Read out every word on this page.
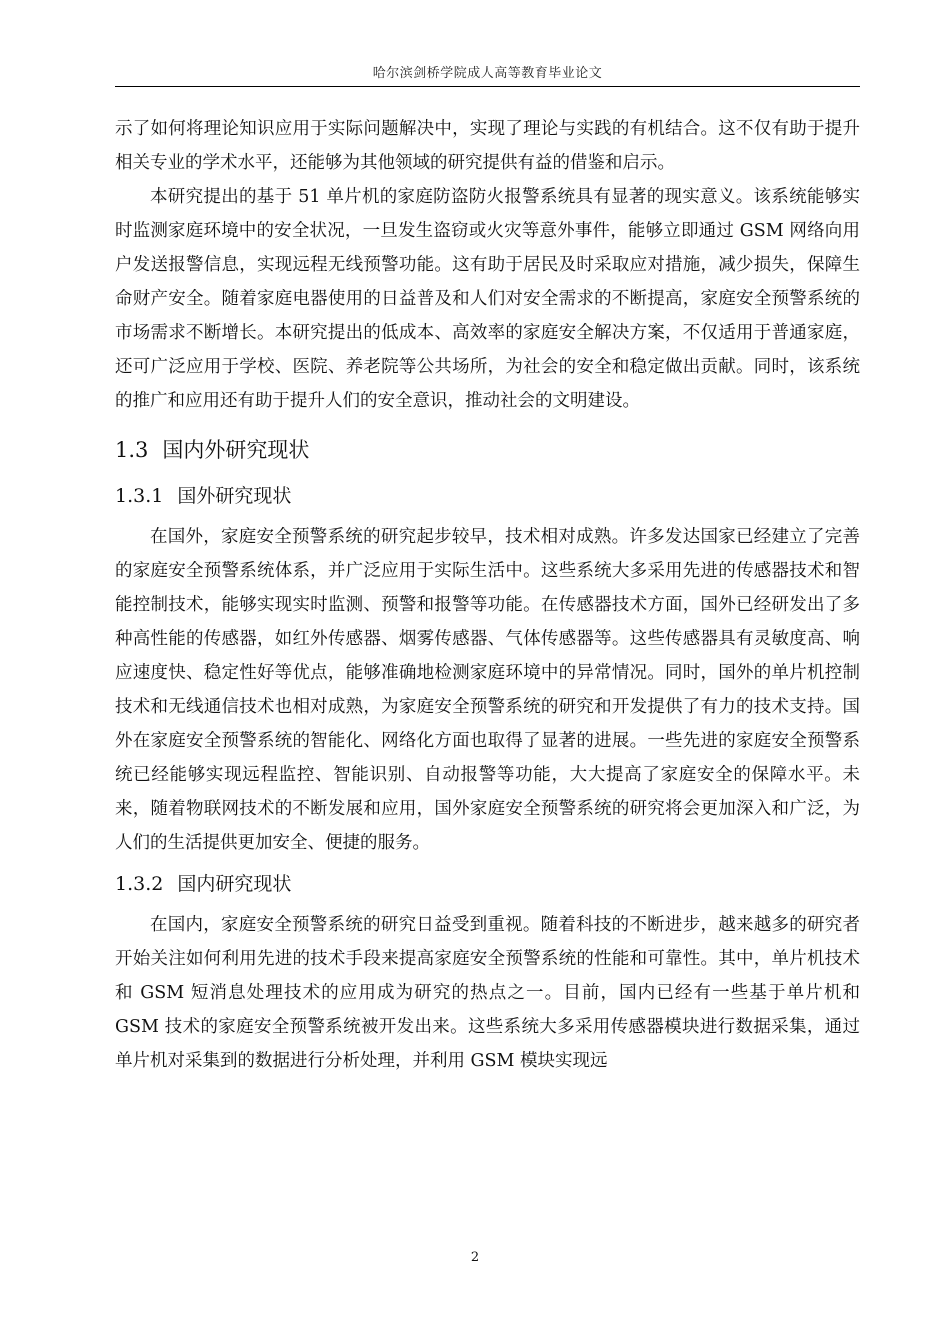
哈尔滨剑桥学院成人高等教育毕业论文

示了如何将理论知识应用于实际问题解决中，实现了理论与实践的有机结合。这不仅有助于提升相关专业的学术水平，还能够为其他领域的研究提供有益的借鉴和启示。

本研究提出的基于 51 单片机的家庭防盗防火报警系统具有显著的现实意义。该系统能够实时监测家庭环境中的安全状况，一旦发生盗窃或火灾等意外事件，能够立即通过 GSM 网络向用户发送报警信息，实现远程无线预警功能。这有助于居民及时采取应对措施，减少损失，保障生命财产安全。随着家庭电器使用的日益普及和人们对安全需求的不断提高，家庭安全预警系统的市场需求不断增长。本研究提出的低成本、高效率的家庭安全解决方案，不仅适用于普通家庭，还可广泛应用于学校、医院、养老院等公共场所，为社会的安全和稳定做出贡献。同时，该系统的推广和应用还有助于提升人们的安全意识，推动社会的文明建设。

1.3 国内外研究现状
1.3.1 国外研究现状

在国外，家庭安全预警系统的研究起步较早，技术相对成熟。许多发达国家已经建立了完善的家庭安全预警系统体系，并广泛应用于实际生活中。这些系统大多采用先进的传感器技术和智能控制技术，能够实现实时监测、预警和报警等功能。在传感器技术方面，国外已经研发出了多种高性能的传感器，如红外传感器、烟雾传感器、气体传感器等。这些传感器具有灵敏度高、响应速度快、稳定性好等优点，能够准确地检测家庭环境中的异常情况。同时，国外的单片机控制技术和无线通信技术也相对成熟，为家庭安全预警系统的研究和开发提供了有力的技术支持。国外在家庭安全预警系统的智能化、网络化方面也取得了显著的进展。一些先进的家庭安全预警系统已经能够实现远程监控、智能识别、自动报警等功能，大大提高了家庭安全的保障水平。未来，随着物联网技术的不断发展和应用，国外家庭安全预警系统的研究将会更加深入和广泛，为人们的生活提供更加安全、便捷的服务。

1.3.2 国内研究现状

在国内，家庭安全预警系统的研究日益受到重视。随着科技的不断进步，越来越多的研究者开始关注如何利用先进的技术手段来提高家庭安全预警系统的性能和可靠性。其中，单片机技术和 GSM 短消息处理技术的应用成为研究的热点之一。目前，国内已经有一些基于单片机和 GSM 技术的家庭安全预警系统被开发出来。这些系统大多采用传感器模块进行数据采集，通过单片机对采集到的数据进行分析处理，并利用 GSM 模块实现远

2
